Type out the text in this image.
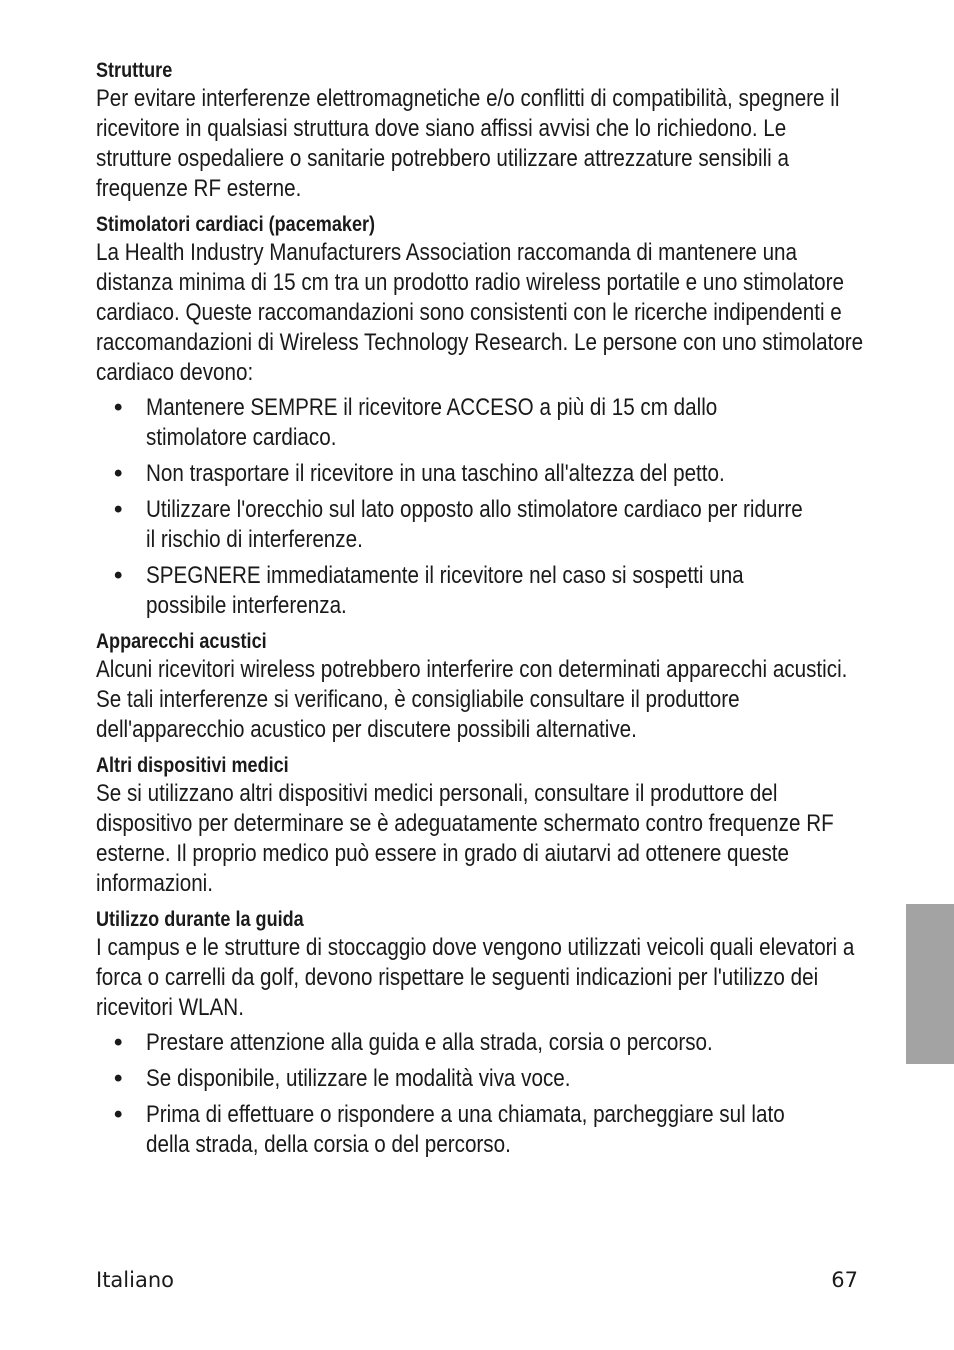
Strutture
Per evitare interferenze elettromagnetiche e/o conflitti di compatibilità, spegnere il ricevitore in qualsiasi struttura dove siano affissi avvisi che lo richiedono. Le strutture ospedaliere o sanitarie potrebbero utilizzare attrezzature sensibili a frequenze RF esterne.
Stimolatori cardiaci (pacemaker)
La Health Industry Manufacturers Association raccomanda di mantenere una distanza minima di 15 cm tra un prodotto radio wireless portatile e uno stimolatore cardiaco. Queste raccomandazioni sono consistenti con le ricerche indipendenti e raccomandazioni di Wireless Technology Research. Le persone con uno stimolatore cardiaco devono:
• Mantenere SEMPRE il ricevitore ACCESO a più di 15 cm dallo stimolatore cardiaco.
• Non trasportare il ricevitore in una taschino all'altezza del petto.
• Utilizzare l'orecchio sul lato opposto allo stimolatore cardiaco per ridurre il rischio di interferenze.
• SPEGNERE immediatamente il ricevitore nel caso si sospetti una possibile interferenza.
Apparecchi acustici
Alcuni ricevitori wireless potrebbero interferire con determinati apparecchi acustici. Se tali interferenze si verificano, è consigliabile consultare il produttore dell'apparecchio acustico per discutere possibili alternative.
Altri dispositivi medici
Se si utilizzano altri dispositivi medici personali, consultare il produttore del dispositivo per determinare se è adeguatamente schermato contro frequenze RF esterne. Il proprio medico può essere in grado di aiutarvi ad ottenere queste informazioni.
Utilizzo durante la guida
I campus e le strutture di stoccaggio dove vengono utilizzati veicoli quali elevatori a forca o carrelli da golf, devono rispettare le seguenti indicazioni per l'utilizzo dei ricevitori WLAN.
• Prestare attenzione alla guida e alla strada, corsia o percorso.
• Se disponibile, utilizzare le modalità viva voce.
• Prima di effettuare o rispondere a una chiamata, parcheggiare sul lato della strada, della corsia o del percorso.
Italiano	67
